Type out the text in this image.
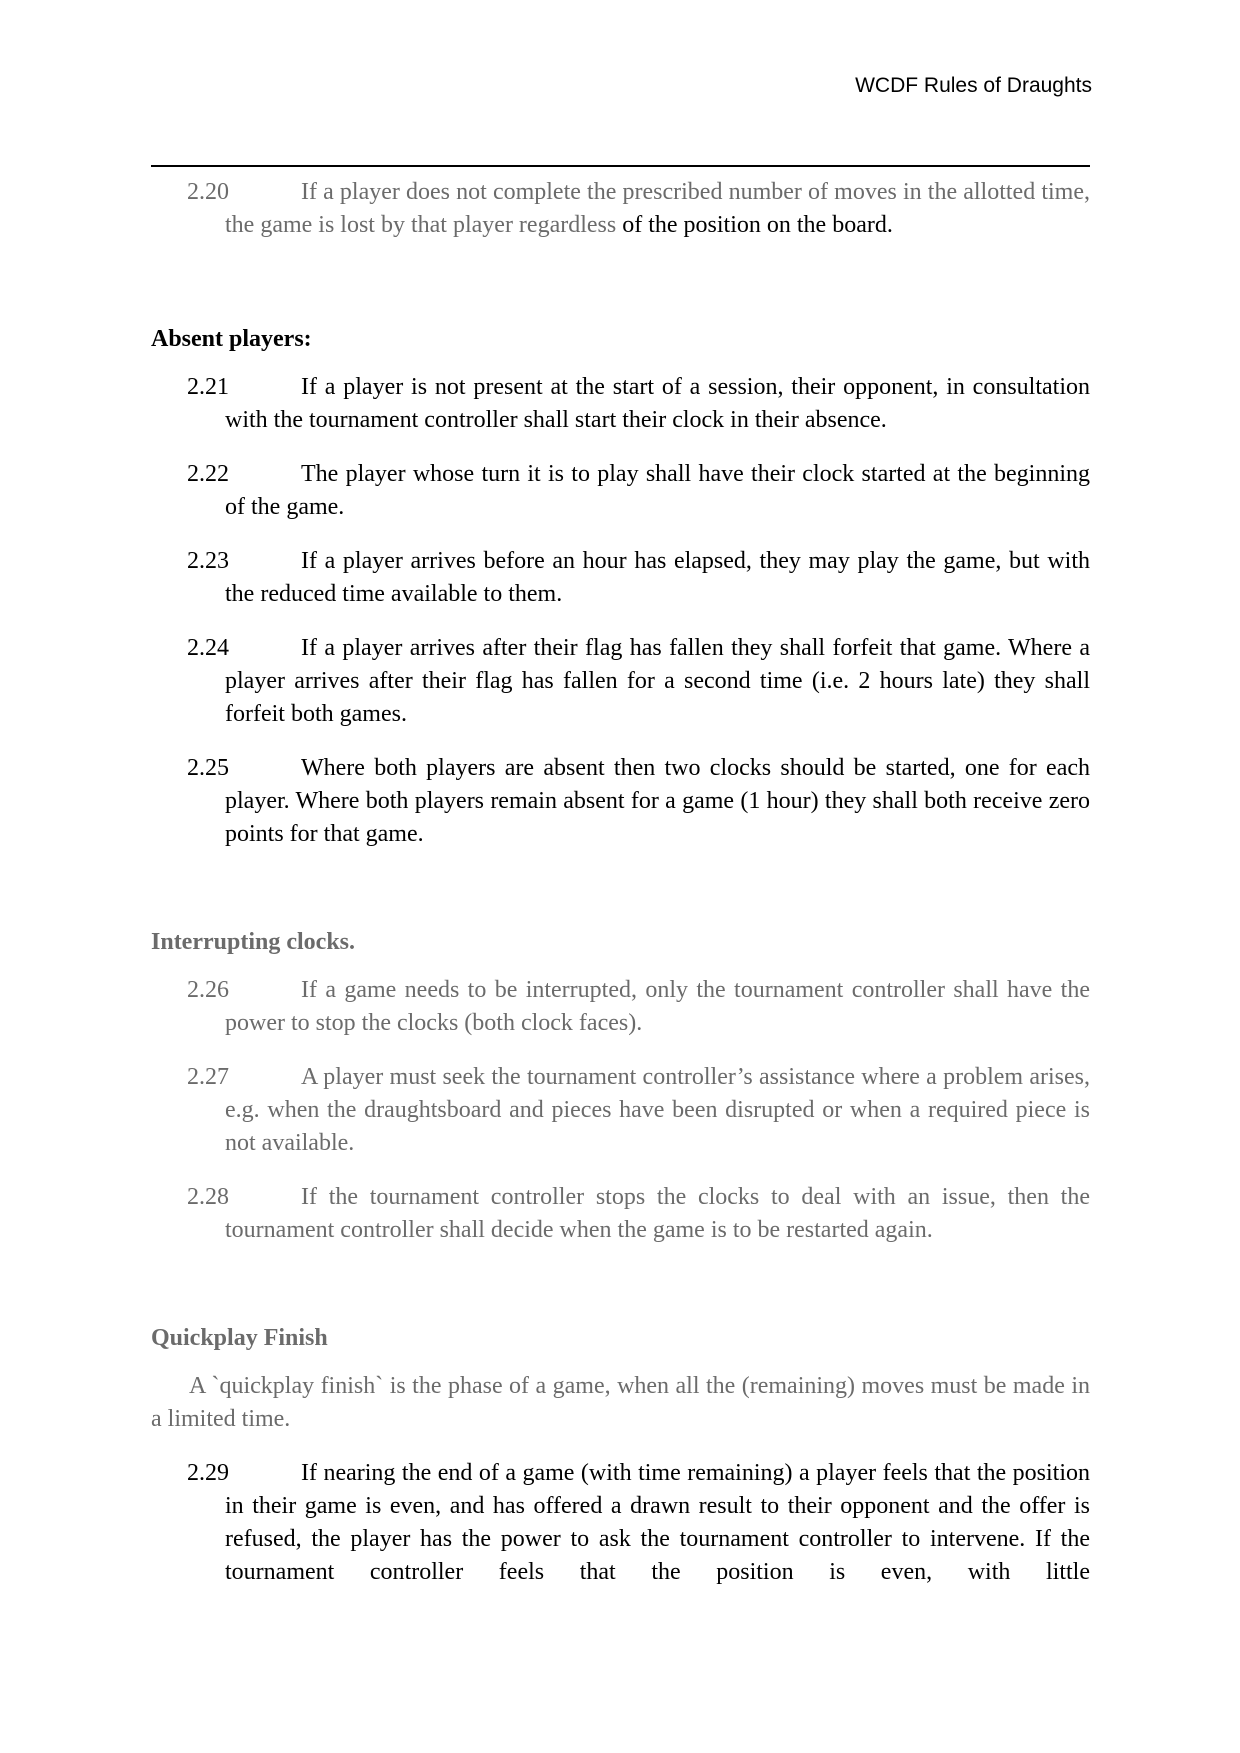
WCDF Rules of Draughts
2.20	If a player does not complete the prescribed number of moves in the allotted time, the game is lost by that player regardless of the position on the board.
Absent players:
2.21	If a player is not present at the start of a session, their opponent, in consultation with the tournament controller shall start their clock in their absence.
2.22	The player whose turn it is to play shall have their clock started at the beginning of the game.
2.23	If a player arrives before an hour has elapsed, they may play the game, but with the reduced time available to them.
2.24	If a player arrives after their flag has fallen they shall forfeit that game. Where a player arrives after their flag has fallen for a second time (i.e. 2 hours late) they shall forfeit both games.
2.25	Where both players are absent then two clocks should be started, one for each player. Where both players remain absent for a game (1 hour) they shall both receive zero points for that game.
Interrupting clocks.
2.26	If a game needs to be interrupted, only the tournament controller shall have the power to stop the clocks (both clock faces).
2.27	A player must seek the tournament controller’s assistance where a problem arises, e.g. when the draughtsboard and pieces have been disrupted or when a required piece is not available.
2.28	If the tournament controller stops the clocks to deal with an issue, then the tournament controller shall decide when the game is to be restarted again.
Quickplay Finish

A `quickplay finish` is the phase of a game, when all the (remaining) moves must be made in a limited time.

2.29	If nearing the end of a game (with time remaining) a player feels that the position in their game is even, and has offered a drawn result to their opponent and the offer is refused, the player has the power to ask the tournament controller to intervene. If the tournament controller feels that the position is even, with little
